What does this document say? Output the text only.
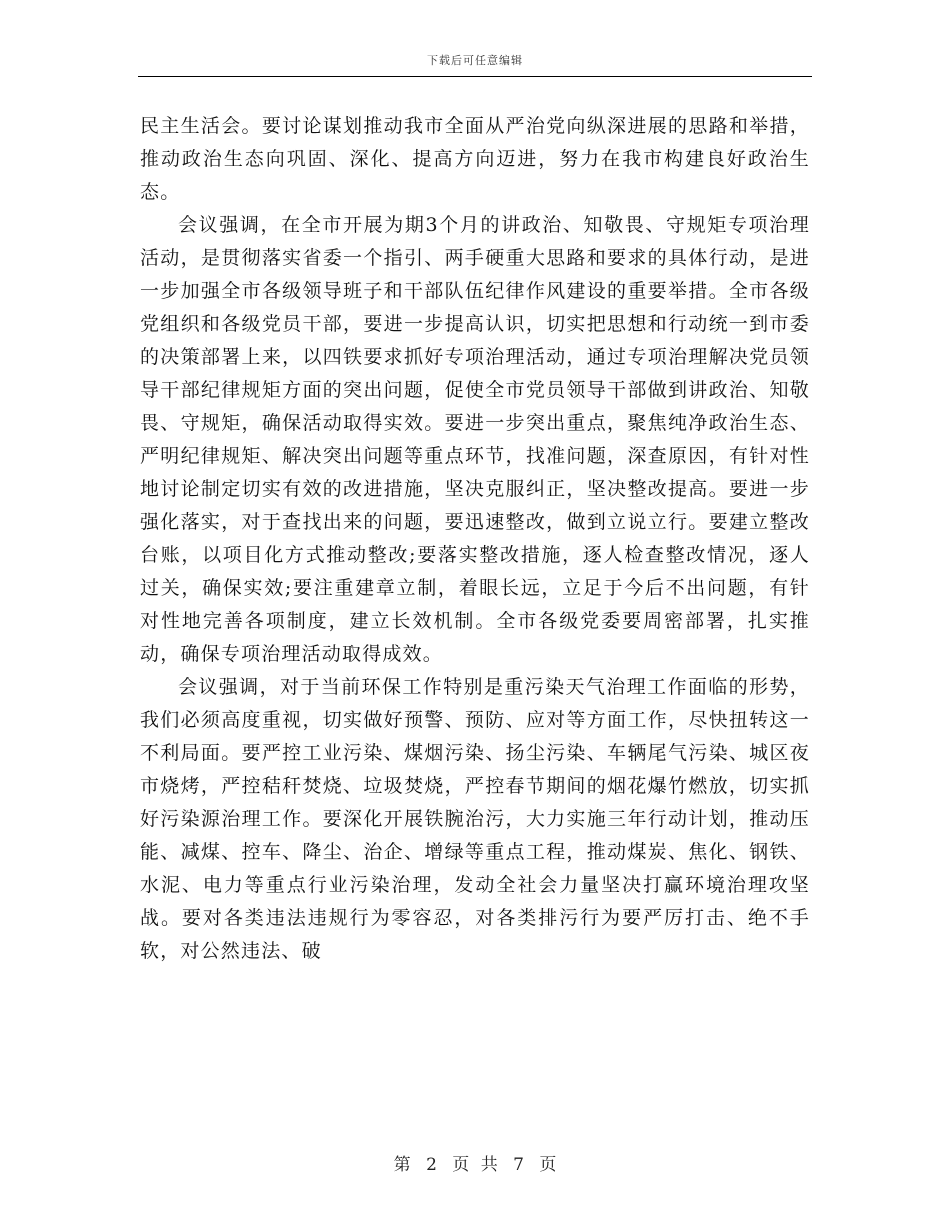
下载后可任意编辑

民主生活会。要讨论谋划推动我市全面从严治党向纵深进展的思路和举措，推动政治生态向巩固、深化、提高方向迈进，努力在我市构建良好政治生态。

会议强调，在全市开展为期3个月的讲政治、知敬畏、守规矩专项治理活动，是贯彻落实省委一个指引、两手硬重大思路和要求的具体行动，是进一步加强全市各级领导班子和干部队伍纪律作风建设的重要举措。全市各级党组织和各级党员干部，要进一步提高认识，切实把思想和行动统一到市委的决策部署上来，以四铁要求抓好专项治理活动，通过专项治理解决党员领导干部纪律规矩方面的突出问题，促使全市党员领导干部做到讲政治、知敬畏、守规矩，确保活动取得实效。要进一步突出重点，聚焦纯净政治生态、严明纪律规矩、解决突出问题等重点环节，找准问题，深查原因，有针对性地讨论制定切实有效的改进措施，坚决克服纠正，坚决整改提高。要进一步强化落实，对于查找出来的问题，要迅速整改，做到立说立行。要建立整改台账，以项目化方式推动整改;要落实整改措施，逐人检查整改情况，逐人过关，确保实效;要注重建章立制，着眼长远，立足于今后不出问题，有针对性地完善各项制度，建立长效机制。全市各级党委要周密部署，扎实推动，确保专项治理活动取得成效。

会议强调，对于当前环保工作特别是重污染天气治理工作面临的形势，我们必须高度重视，切实做好预警、预防、应对等方面工作，尽快扭转这一不利局面。要严控工业污染、煤烟污染、扬尘污染、车辆尾气污染、城区夜市烧烤，严控秸秆焚烧、垃圾焚烧，严控春节期间的烟花爆竹燃放，切实抓好污染源治理工作。要深化开展铁腕治污，大力实施三年行动计划，推动压能、减煤、控车、降尘、治企、增绿等重点工程，推动煤炭、焦化、钢铁、水泥、电力等重点行业污染治理，发动全社会力量坚决打赢环境治理攻坚战。要对各类违法违规行为零容忍，对各类排污行为要严厉打击、绝不手软，对公然违法、破

第 2 页 共 7 页
